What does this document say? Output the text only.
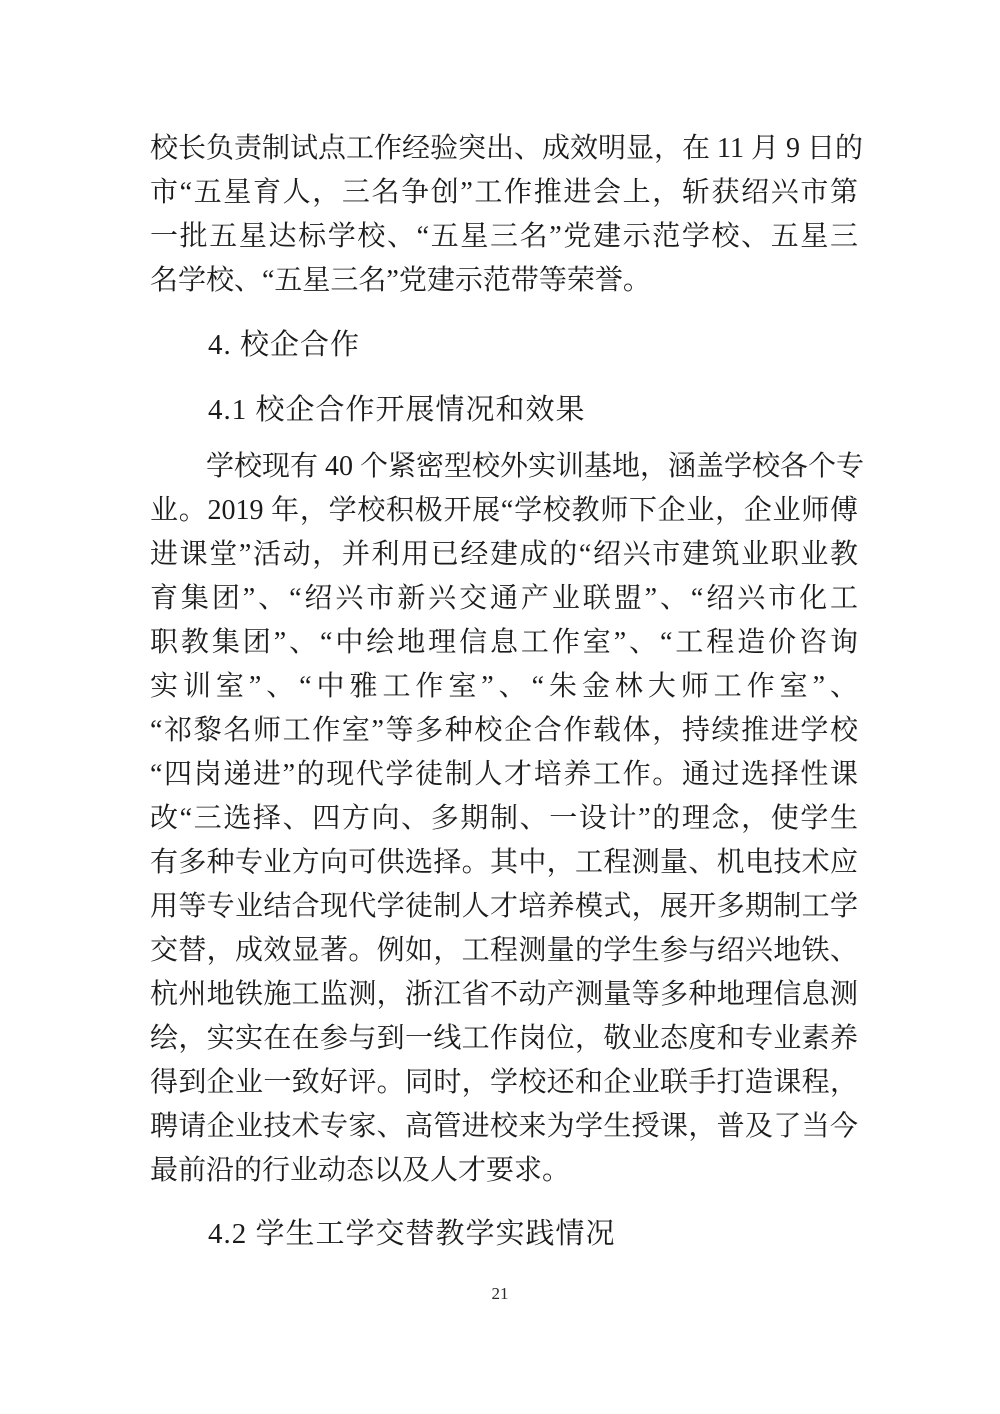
校长负责制试点工作经验突出、成效明显，在 11 月 9 日的
市“五星育人，三名争创”工作推进会上，斩获绍兴市第
一批五星达标学校、“五星三名”党建示范学校、五星三
名学校、“五星三名”党建示范带等荣誉。
4. 校企合作
4.1 校企合作开展情况和效果
学校现有 40 个紧密型校外实训基地，涵盖学校各个专
业。2019 年，学校积极开展“学校教师下企业，企业师傅
进课堂”活动，并利用已经建成的“绍兴市建筑业职业教
育集团”、“绍兴市新兴交通产业联盟”、“绍兴市化工
职教集团”、“中绘地理信息工作室”、“工程造价咨询
实训室”、“中雅工作室”、“朱金林大师工作室”、
“祁黎名师工作室”等多种校企合作载体，持续推进学校
“四岗递进”的现代学徒制人才培养工作。通过选择性课
改“三选择、四方向、多期制、一设计”的理念，使学生
有多种专业方向可供选择。其中，工程测量、机电技术应
用等专业结合现代学徒制人才培养模式，展开多期制工学
交替，成效显著。例如，工程测量的学生参与绍兴地铁、
杭州地铁施工监测，浙江省不动产测量等多种地理信息测
绘，实实在在参与到一线工作岗位，敬业态度和专业素养
得到企业一致好评。同时，学校还和企业联手打造课程，
聘请企业技术专家、高管进校来为学生授课，普及了当今
最前沿的行业动态以及人才要求。
4.2 学生工学交替教学实践情况
21
